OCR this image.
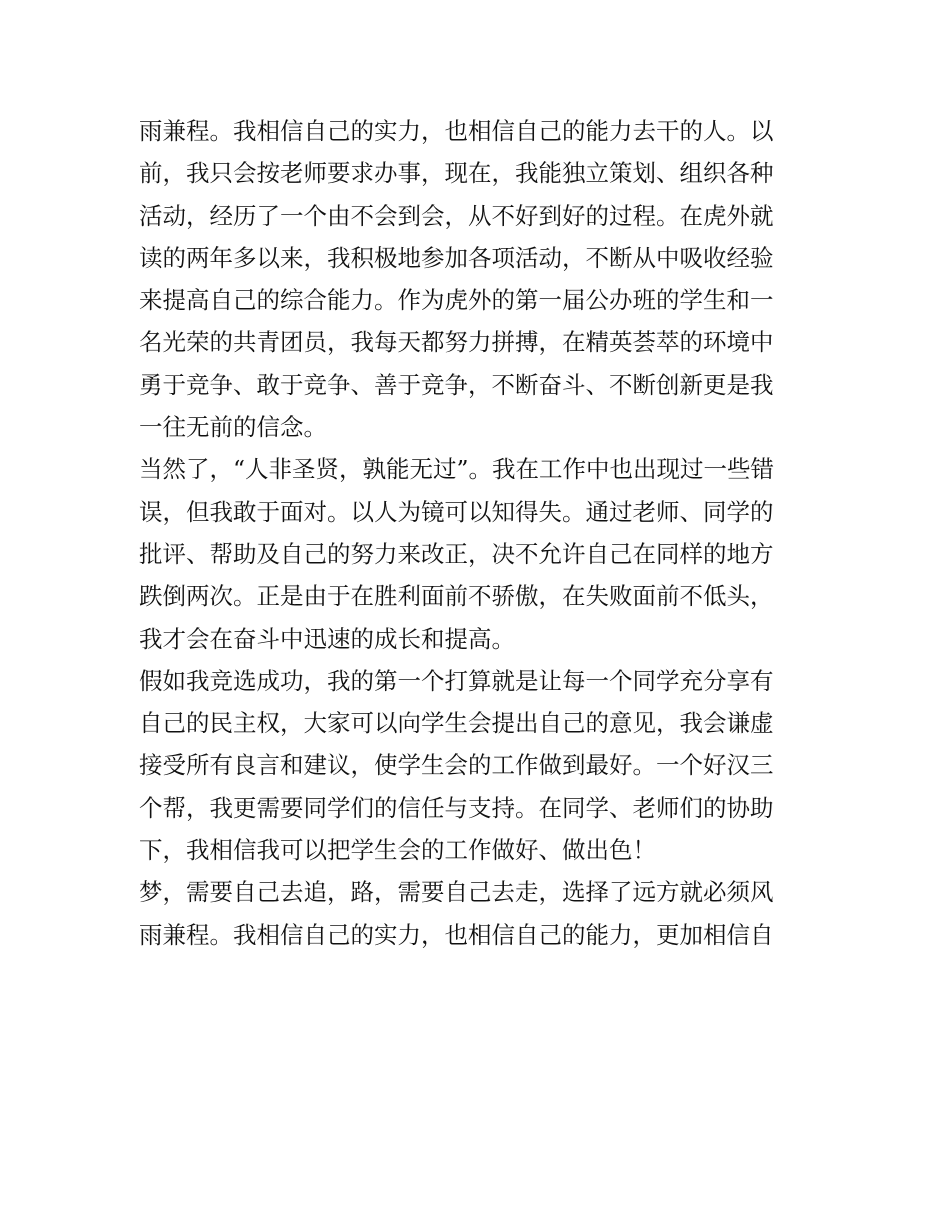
雨兼程。我相信自己的实力，也相信自己的能力去干的人。以
前，我只会按老师要求办事，现在，我能独立策划、组织各种
活动，经历了一个由不会到会，从不好到好的过程。在虎外就
读的两年多以来，我积极地参加各项活动，不断从中吸收经验
来提高自己的综合能力。作为虎外的第一届公办班的学生和一
名光荣的共青团员，我每天都努力拼搏，在精英荟萃的环境中
勇于竞争、敢于竞争、善于竞争，不断奋斗、不断创新更是我
一往无前的信念。
当然了，“人非圣贤，孰能无过”。我在工作中也出现过一些错
误，但我敢于面对。以人为镜可以知得失。通过老师、同学的
批评、帮助及自己的努力来改正，决不允许自己在同样的地方
跌倒两次。正是由于在胜利面前不骄傲，在失败面前不低头，
我才会在奋斗中迅速的成长和提高。
假如我竞选成功，我的第一个打算就是让每一个同学充分享有
自己的民主权，大家可以向学生会提出自己的意见，我会谦虚
接受所有良言和建议，使学生会的工作做到最好。一个好汉三
个帮，我更需要同学们的信任与支持。在同学、老师们的协助
下，我相信我可以把学生会的工作做好、做出色！
梦，需要自己去追，路，需要自己去走，选择了远方就必须风
雨兼程。我相信自己的实力，也相信自己的能力，更加相信自
